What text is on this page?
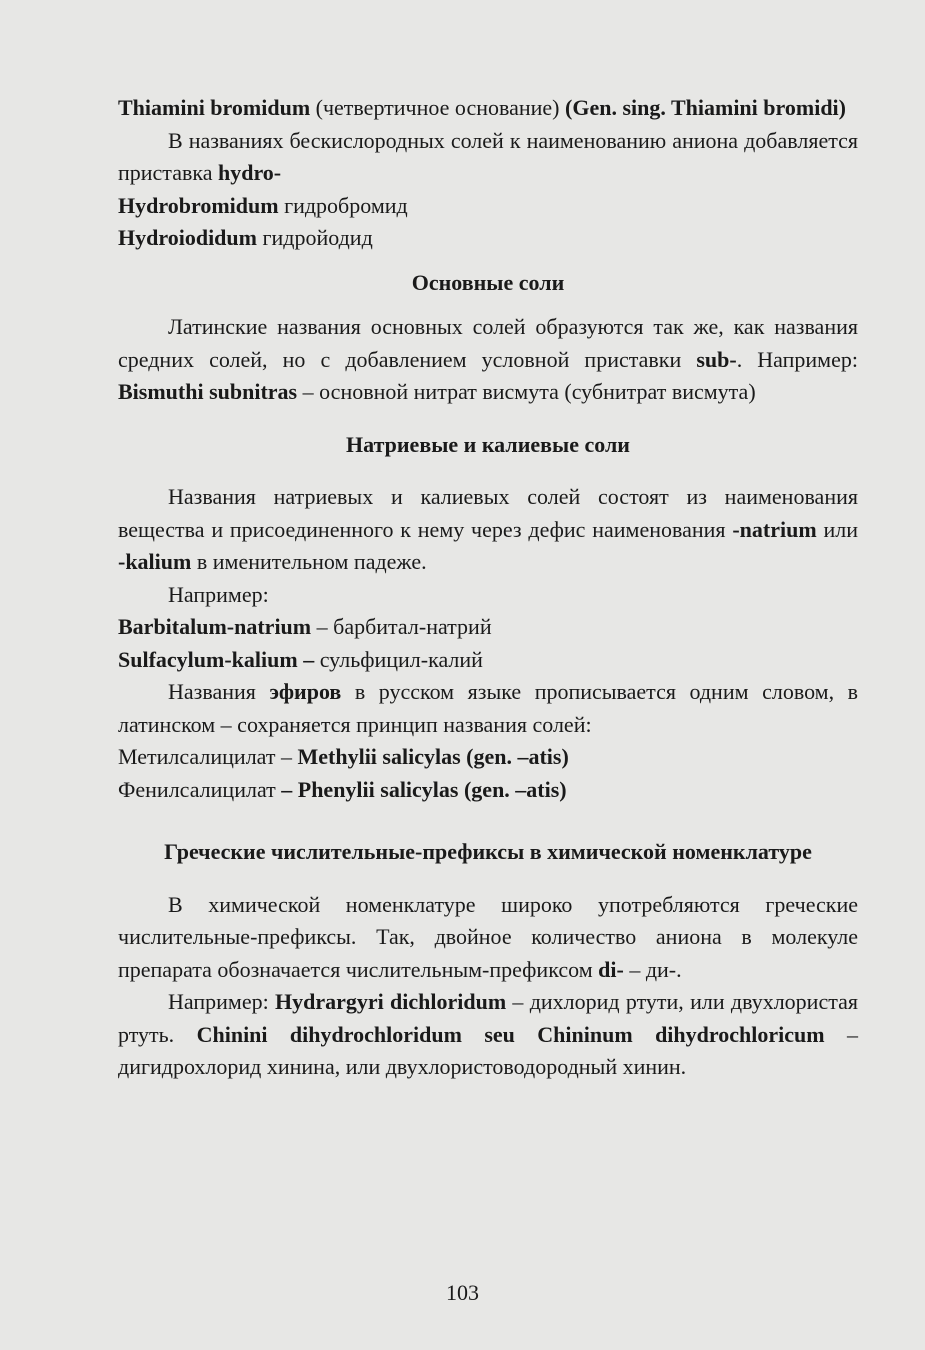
Thiamini bromidum (четвертичное основание) (Gen. sing. Thiamini bromidi)

В названиях бескислородных солей к наименованию аниона добавляется приставка hydro-

Hydrobromidum гидробромид

Hydroiodidum гидройодид

Основные соли

Латинские названия основных солей образуются так же, как названия средних солей, но с добавлением условной приставки sub-. Например: Bismuthi subnitras – основной нитрат висмута (субнитрат висмута)

Натриевые и калиевые соли

Названия натриевых и калиевых солей состоят из наименования вещества и присоединенного к нему через дефис наименования -natrium или -kalium в именительном падеже.

Например:

Barbitalum-natrium – барбитал-натрий

Sulfacylum-kalium – сульфицил-калий

Названия эфиров в русском языке прописывается одним словом, в латинском – сохраняется принцип названия солей:

Метилсалицилат – Methylii salicylas (gen. –atis)

Фенилсалицилат – Phenylii salicylas (gen. –atis)

Греческие числительные-префиксы в химической номенклатуре

В химической номенклатуре широко употребляются греческие числительные-префиксы. Так, двойное количество аниона в молекуле препарата обозначается числительным-префиксом di- – ди-.

Например: Hydrargyri dichloridum – дихлорид ртути, или двухлористая ртуть. Chinini dihydrochloridum seu Chininum dihydrochloricum – дигидрохлорид хинина, или двухлористоводородный хинин.

103
